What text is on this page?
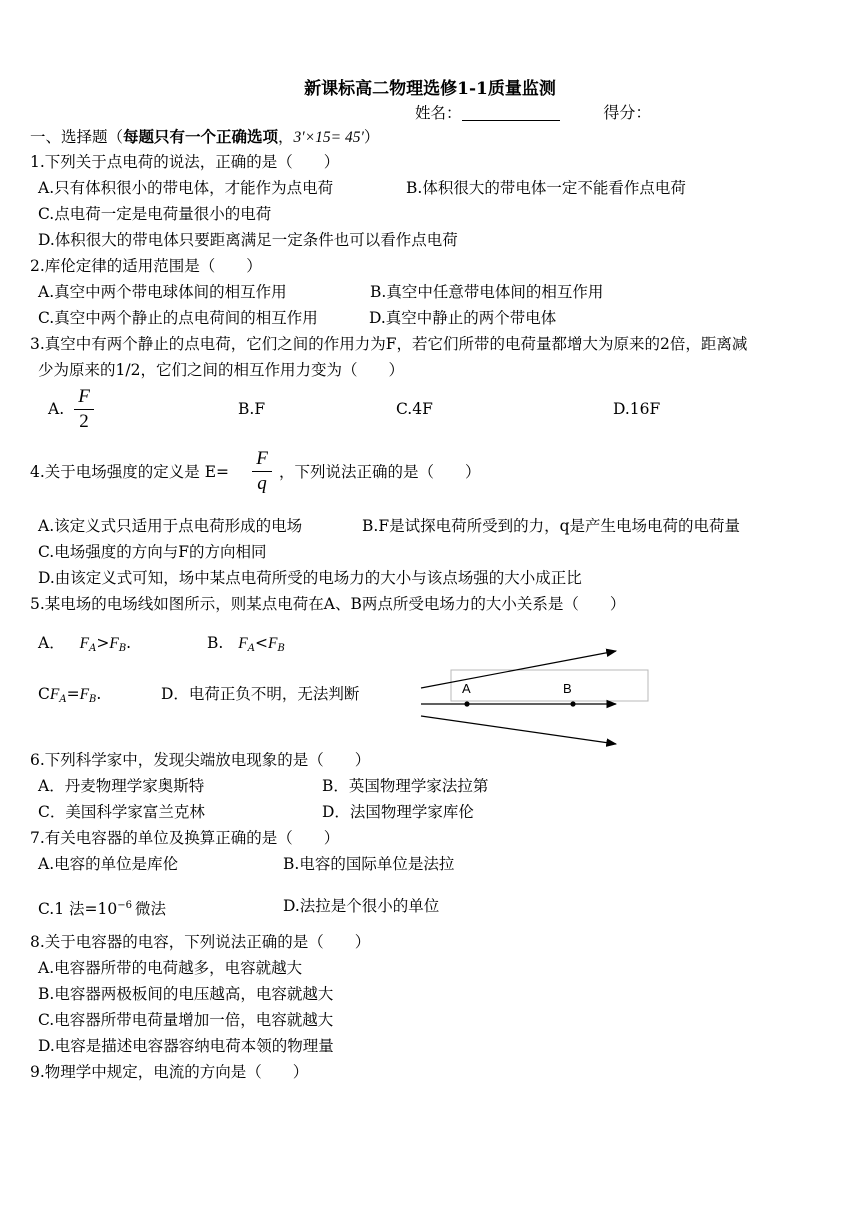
新课标高二物理选修1-1质量监测
姓名：	得分：
一、选择题（每题只有一个正确选项，3′×15= 45′）
1.下列关于点电荷的说法，正确的是（　　）
A.只有体积很小的带电体，才能作为点电荷	B.体积很大的带电体一定不能看作点电荷
C.点电荷一定是电荷量很小的电荷
D.体积很大的带电体只要距离满足一定条件也可以看作点电荷
2.库伦定律的适用范围是（　　）
A.真空中两个带电球体间的相互作用	B.真空中任意带电体间的相互作用
C.真空中两个静止的点电荷间的相互作用	D.真空中静止的两个带电体
3.真空中有两个静止的点电荷，它们之间的作用力为F，若它们所带的电荷量都增大为原来的2倍，距离减
少为原来的1/2，它们之间的相互作用力变为（　　）
A.
F
2
B.F	C.4F	D.16F
4.关于电场强度的定义是 E=
F
q
，下列说法正确的是（　　）
A.该定义式只适用于点电荷形成的电场	B.F是试探电荷所受到的力，q是产生电场电荷的电荷量
C.电场强度的方向与F的方向相同
D.由该定义式可知，场中某点电荷所受的电场力的大小与该点场强的大小成正比
5.某电场的电场线如图所示，则某点电荷在A、B两点所受电场力的大小关系是（　　）
A． $F_A>F_B$.	B. $F_A<F_B$
$CF_A=F_B$.	D．电荷正负不明，无法判断	A	B
6.下列科学家中，发现尖端放电现象的是（　　）
A．丹麦物理学家奥斯特	B．英国物理学家法拉第
C．美国科学家富兰克林	D．法国物理学家库伦
7.有关电容器的单位及换算正确的是（　　）
A.电容的单位是库伦	B.电容的国际单位是法拉
C.1 法$=10^{-6}$ 微法	D.法拉是个很小的单位
8.关于电容器的电容，下列说法正确的是（　　）
A.电容器所带的电荷越多，电容就越大
B.电容器两极板间的电压越高，电容就越大
C.电容器所带电荷量增加一倍，电容就越大
D.电容是描述电容器容纳电荷本领的物理量
9.物理学中规定，电流的方向是（　　）
